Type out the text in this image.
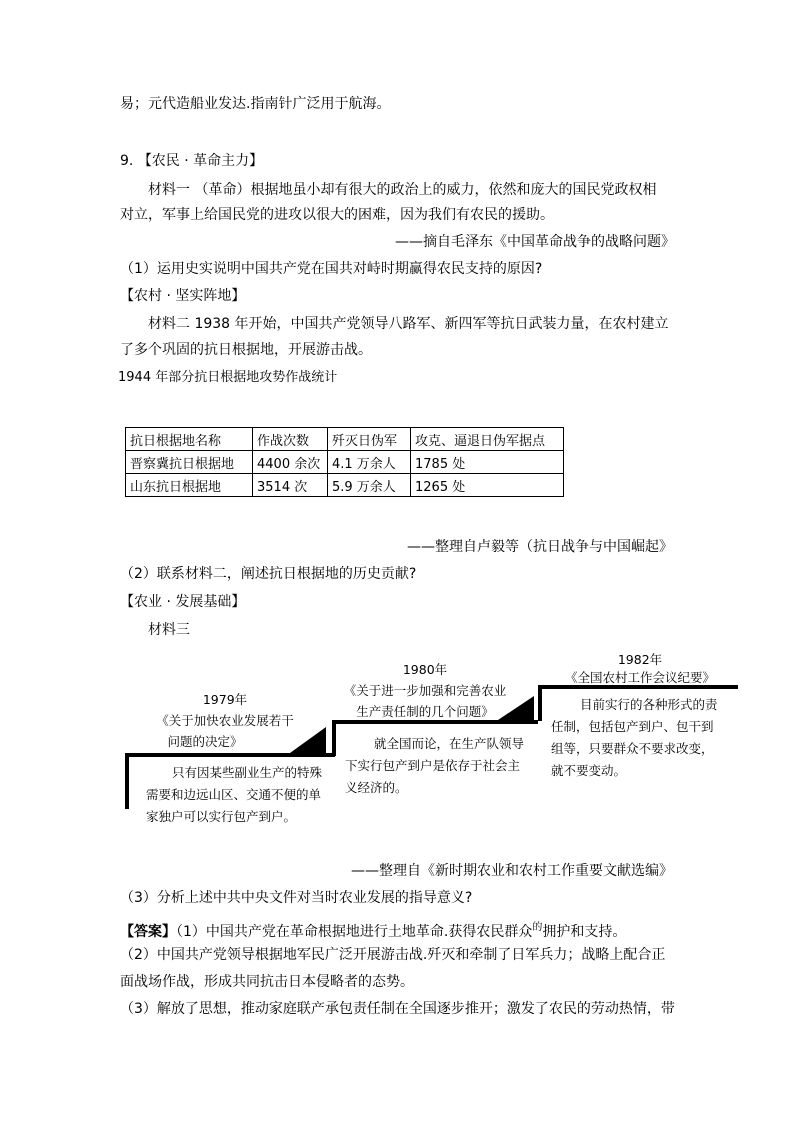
易；元代造船业发达.指南针广泛用于航海。
9. 【农民 · 革命主力】
材料一 （革命）根据地虽小却有很大的政治上的威力，依然和庞大的国民党政权相
对立，军事上给国民党的进攻以很大的困难，因为我们有农民的援助。
——摘自毛泽东《中国革命战争的战略问题》
（1）运用史实说明中国共产党在国共对峙时期赢得农民支持的原因?
【农村 · 坚实阵地】
材料二 1938 年开始，中国共产党领导八路军、新四军等抗日武装力量，在农村建立
了多个巩固的抗日根据地，开展游击战。
1944 年部分抗日根据地攻势作战统计
抗日根据地名称	作战次数	歼灭日伪军	攻克、逼退日伪军据点
晋察冀抗日根据地	4400 余次	4.1 万余人	1785 处
山东抗日根据地	3514 次	5.9 万余人	1265 处
——整理自卢毅等（抗日战争与中国崛起》
（2）联系材料二，阐述抗日根据地的历史贡献?
【农业 · 发展基础】
材料三
1979年
《关于加快农业发展若干
问题的决定》
只有因某些副业生产的特殊
需要和边远山区、交通不便的单
家独户可以实行包产到户。
1980年
《关于进一步加强和完善农业
生产责任制的几个问题》
就全国而论，在生产队领导
下实行包产到户是依存于社会主
义经济的。
1982年
《全国农村工作会议纪要》
目前实行的各种形式的责
任制，包括包产到户、包干到
组等，只要群众不要求改变，
就不要变动。
——整理自《新时期农业和农村工作重要文献选编》
（3）分析上述中共中央文件对当时农业发展的指导意义?
【答案】（1）中国共产党在革命根据地进行土地革命.获得农民群众$^的$拥护和支持。
（2）中国共产党领导根据地军民广泛开展游击战.歼灭和牵制了日军兵力；战略上配合正
面战场作战，形成共同抗击日本侵略者的态势。
（3）解放了思想，推动家庭联产承包责任制在全国逐步推开；激发了农民的劳动热情，带
